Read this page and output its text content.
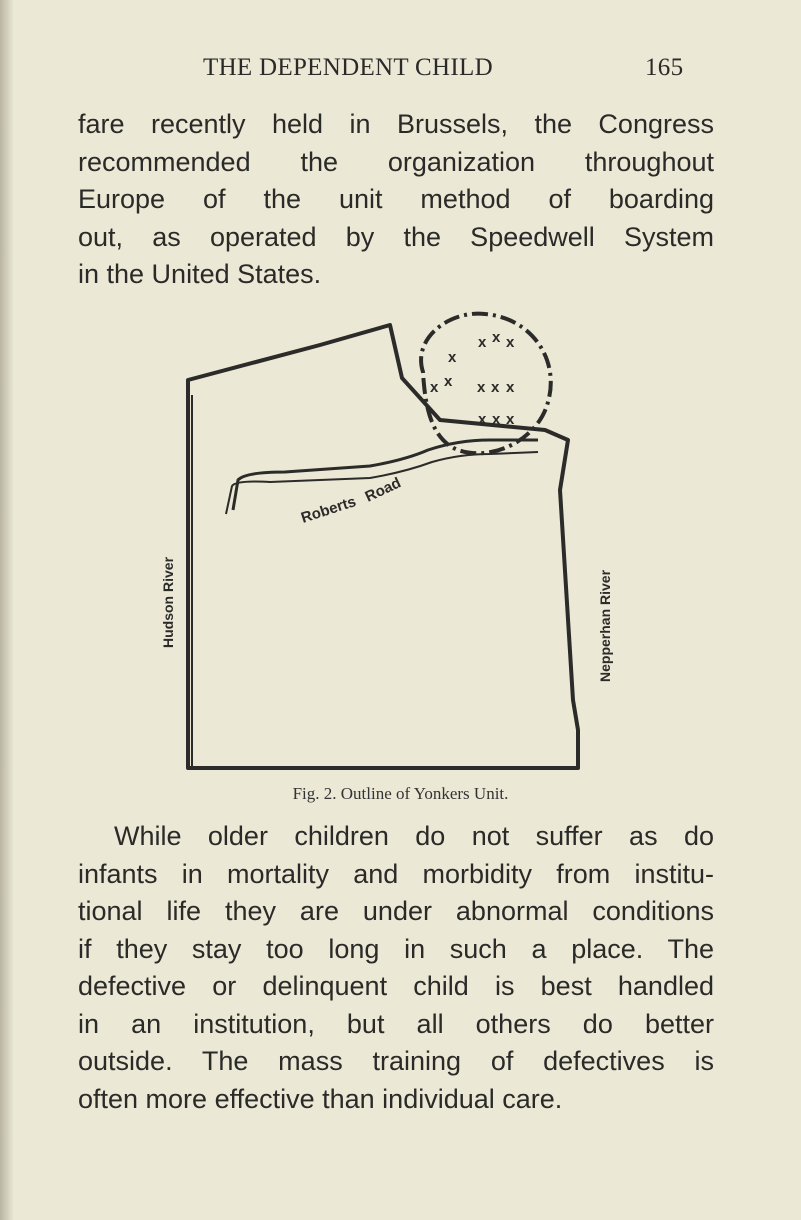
THE DEPENDENT CHILD	165
fare recently held in Brussels, the Congress
recommended the organization throughout
Europe of the unit method of boarding
out, as operated by the Speedwell System
in the United States.
x x x
x
x x x x x
x x x
Roberts
Road
Hudson River	Nepperhan River
Fig. 2. Outline of Yonkers Unit.
While older children do not suffer as do
infants in mortality and morbidity from institu-
tional life they are under abnormal conditions
if they stay too long in such a place. The
defective or delinquent child is best handled
in an institution, but all others do better
outside. The mass training of defectives is
often more effective than individual care.
